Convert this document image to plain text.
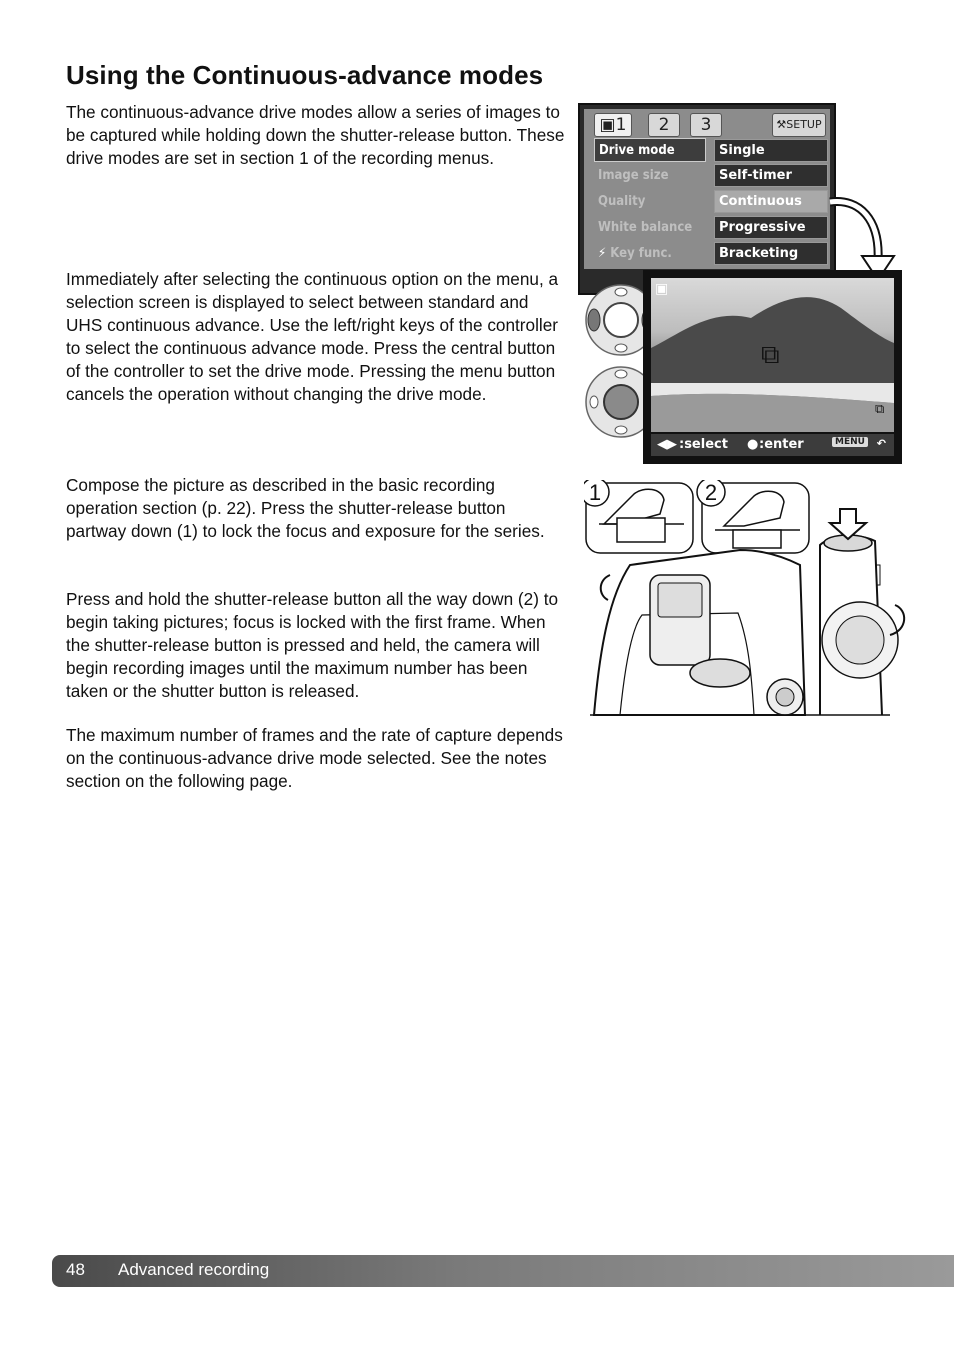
Using the Continuous-advance modes

The continuous-advance drive modes allow a series of images to be captured while holding down the shutter-release button. These drive modes are set in section 1 of the recording menus.

Immediately after selecting the continuous option on the menu, a selection screen is displayed to select between standard and UHS continuous advance. Use the left/right keys of the controller to select the continuous advance mode. Press the central button of the controller to set the drive mode. Pressing the menu button cancels the operation without changing the drive mode.

Compose the picture as described in the basic recording operation section (p. 22). Press the shutter-release button partway down (1) to lock the focus and exposure for the series.

Press and hold the shutter-release button all the way down (2) to begin taking pictures; focus is locked with the first frame. When the shutter-release button is pressed and held, the camera will begin recording images until the maximum number has been taken or the shutter button is released.

The maximum number of frames and the rate of capture depends on the continuous-advance drive mode selected. See the notes section on the following page.

▣1	2	3	⚒SETUP
Drive mode
Image size
Quality
White balance
⚡ Key func.
Single
Self-timer
Continuous
Progressive
Bracketing
▣
⧉
⧉
◀▶ :select ● :enter	MENU ↶
1	2
48 Advanced recording
